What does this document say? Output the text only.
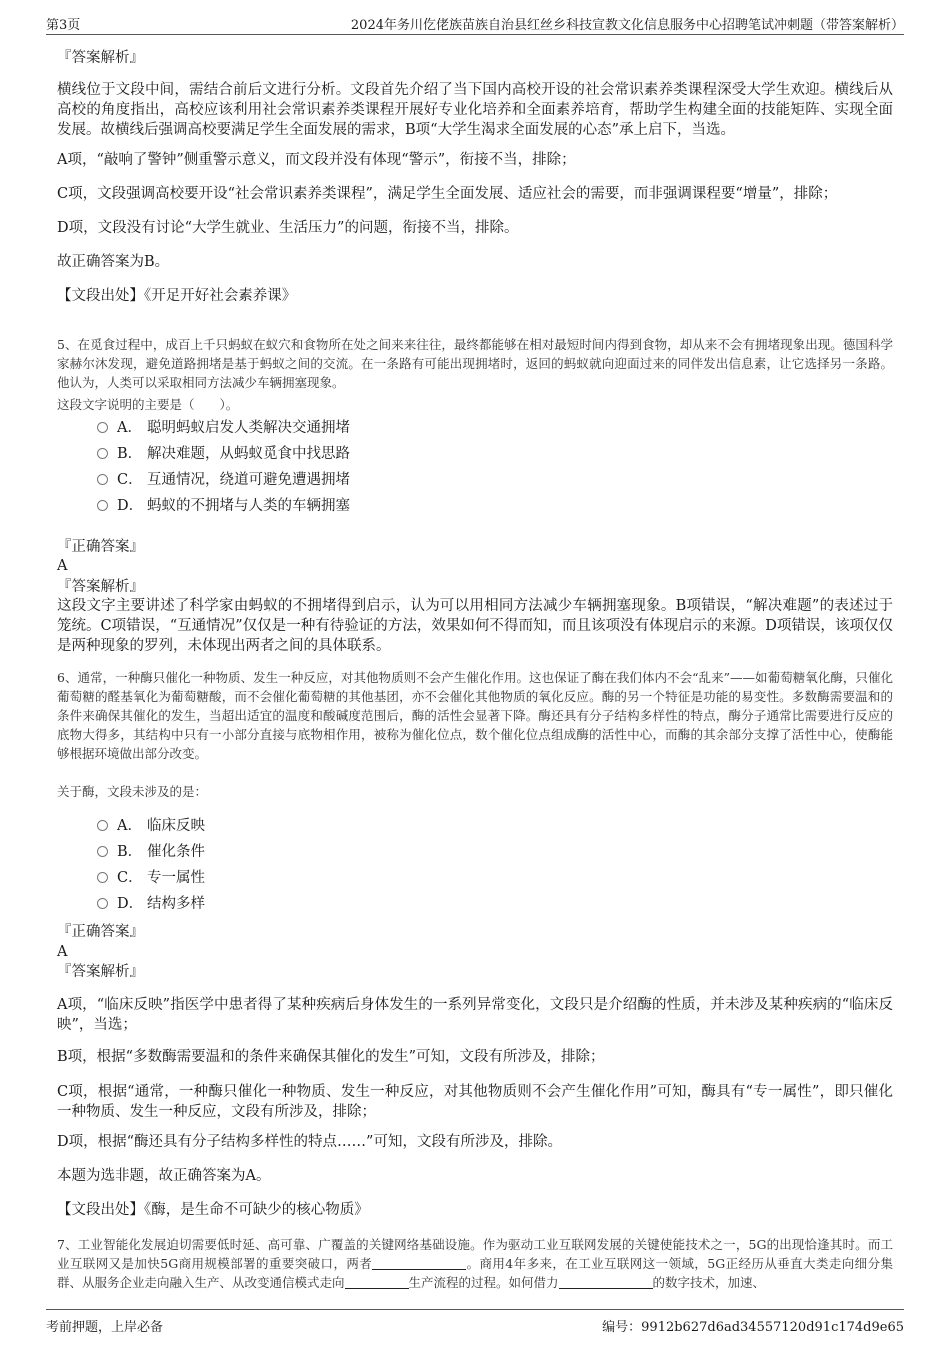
第3页	2024年务川仡佬族苗族自治县红丝乡科技宣教文化信息服务中心招聘笔试冲刺题（带答案解析）

『答案解析』

横线位于文段中间，需结合前后文进行分析。文段首先介绍了当下国内高校开设的社会常识素养类课程深受大学生欢迎。横线后从高校的角度指出，高校应该利用社会常识素养类课程开展好专业化培养和全面素养培育，帮助学生构建全面的技能矩阵、实现全面发展。故横线后强调高校要满足学生全面发展的需求，B项“大学生渴求全面发展的心态”承上启下，当选。

A项，“敲响了警钟”侧重警示意义，而文段并没有体现“警示”，衔接不当，排除；

C项，文段强调高校要开设“社会常识素养类课程”，满足学生全面发展、适应社会的需要，而非强调课程要“增量”，排除；

D项，文段没有讨论“大学生就业、生活压力”的问题，衔接不当，排除。

故正确答案为B。

【文段出处】《开足开好社会素养课》

5、在觅食过程中，成百上千只蚂蚁在蚁穴和食物所在处之间来来往往，最终都能够在相对最短时间内得到食物，却从来不会有拥堵现象出现。德国科学家赫尔沐发现，避免道路拥堵是基于蚂蚁之间的交流。在一条路有可能出现拥堵时，返回的蚂蚁就向迎面过来的同伴发出信息素，让它选择另一条路。他认为，人类可以采取相同方法减少车辆拥塞现象。

这段文字说明的主要是（　　）。

A． 聪明蚂蚁启发人类解决交通拥堵
B． 解决难题，从蚂蚁觅食中找思路
C． 互通情况，绕道可避免遭遇拥堵
D． 蚂蚁的不拥堵与人类的车辆拥塞

『正确答案』

A

『答案解析』

这段文字主要讲述了科学家由蚂蚁的不拥堵得到启示，认为可以用相同方法减少车辆拥塞现象。B项错误，“解决难题”的表述过于笼统。C项错误，“互通情况”仅仅是一种有待验证的方法，效果如何不得而知，而且该项没有体现启示的来源。D项错误，该项仅仅是两种现象的罗列，未体现出两者之间的具体联系。

6、通常，一种酶只催化一种物质、发生一种反应，对其他物质则不会产生催化作用。这也保证了酶在我们体内不会“乱来”——如葡萄糖氧化酶，只催化葡萄糖的醛基氧化为葡萄糖酸，而不会催化葡萄糖的其他基团，亦不会催化其他物质的氧化反应。酶的另一个特征是功能的易变性。多数酶需要温和的条件来确保其催化的发生，当超出适宜的温度和酸碱度范围后，酶的活性会显著下降。酶还具有分子结构多样性的特点，酶分子通常比需要进行反应的底物大得多，其结构中只有一小部分直接与底物相作用，被称为催化位点，数个催化位点组成酶的活性中心，而酶的其余部分支撑了活性中心，使酶能够根据环境做出部分改变。

关于酶，文段未涉及的是：

A． 临床反映
B． 催化条件
C． 专一属性
D． 结构多样

『正确答案』

A

『答案解析』

A项，“临床反映”指医学中患者得了某种疾病后身体发生的一系列异常变化，文段只是介绍酶的性质，并未涉及某种疾病的“临床反映”，当选；

B项，根据“多数酶需要温和的条件来确保其催化的发生”可知，文段有所涉及，排除；

C项，根据“通常，一种酶只催化一种物质、发生一种反应，对其他物质则不会产生催化作用”可知，酶具有“专一属性”，即只催化一种物质、发生一种反应，文段有所涉及，排除；

D项，根据“酶还具有分子结构多样性的特点……”可知，文段有所涉及，排除。

本题为选非题，故正确答案为A。

【文段出处】《酶，是生命不可缺少的核心物质》

7、工业智能化发展迫切需要低时延、高可靠、广覆盖的关键网络基础设施。作为驱动工业互联网发展的关键使能技术之一，5G的出现恰逢其时。而工业互联网又是加快5G商用规模部署的重要突破口，两者	。商用4年多来，在工业互联网这一领域，5G正经历从垂直大类走向细分集群、从服务企业走向融入生产、从改变通信模式走向	生产流程的过程。如何借力	的数字技术，加速、

考前押题，上岸必备	编号：9912b627d6ad34557120d91c174d9e65
